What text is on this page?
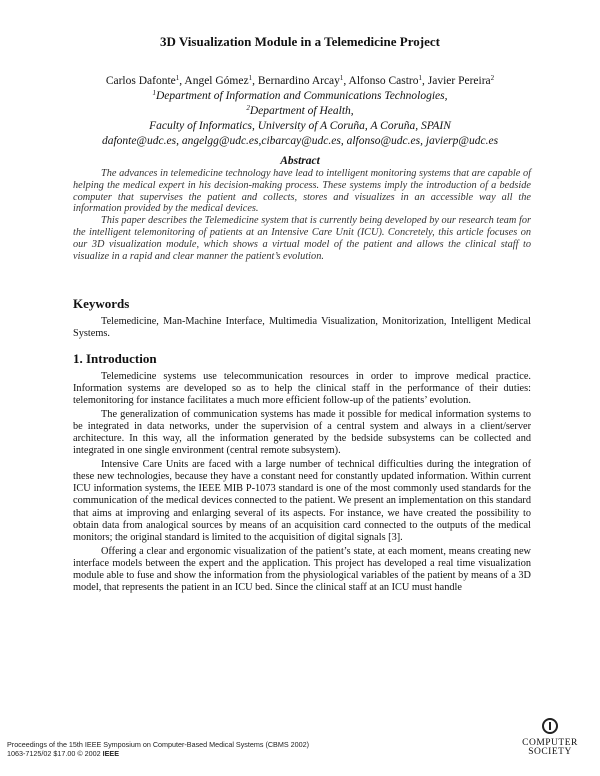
3D Visualization Module in a Telemedicine Project
Carlos Dafonte$^1$, Angel Gómez$^1$, Bernardino Arcay$^1$, Alfonso Castro$^1$, Javier Pereira$^2$
$^1$Department of Information and Communications Technologies,
$^2$Department of Health,
Faculty of Informatics, University of A Coruña, A Coruña, SPAIN
dafonte@udc.es, angelgg@udc.es,cibarcay@udc.es, alfonso@udc.es, javierp@udc.es
Abstract

The advances in telemedicine technology have lead to intelligent monitoring systems that are capable of helping the medical expert in his decision-making process. These systems imply the introduction of a bedside computer that supervises the patient and collects, stores and visualizes in an accessible way all the information provided by the medical devices.

This paper describes the Telemedicine system that is currently being developed by our research team for the intelligent telemonitoring of patients at an Intensive Care Unit (ICU). Concretely, this article focuses on our 3D visualization module, which shows a virtual model of the patient and allows the clinical staff to visualize in a rapid and clear manner the patient’s evolution.

Keywords

Telemedicine, Man-Machine Interface, Multimedia Visualization, Monitorization, Intelligent Medical Systems.

1. Introduction

Telemedicine systems use telecommunication resources in order to improve medical practice. Information systems are developed so as to help the clinical staff in the performance of their duties: telemonitoring for instance facilitates a much more efficient follow-up of the patients’ evolution.

The generalization of communication systems has made it possible for medical information systems to be integrated in data networks, under the supervision of a central system and always in a client/server architecture. In this way, all the information generated by the bedside subsystems can be collected and integrated in one single environment (central remote subsystem).

Intensive Care Units are faced with a large number of technical difficulties during the integration of these new technologies, because they have a constant need for constantly updated information. Within current ICU information systems, the IEEE MIB P-1073 standard is one of the most commonly used standards for the communication of the medical devices connected to the patient. We present an implementation on this standard that aims at improving and enlarging several of its aspects. For instance, we have created the possibility to obtain data from analogical sources by means of an acquisition card connected to the outputs of the medical monitors; the original standard is limited to the acquisition of digital signals [3].

Offering a clear and ergonomic visualization of the patient’s state, at each moment, means creating new interface models between the expert and the application. This project has developed a real time visualization module able to fuse and show the information from the physiological variables of the patient by means of a 3D model, that represents the patient in an ICU bed. Since the clinical staff at an ICU must handle

Proceedings of the 15th IEEE Symposium on Computer-Based Medical Systems (CBMS 2002)
1063-7125/02 $17.00 © 2002 IEEE
COMPUTER
SOCIETY
